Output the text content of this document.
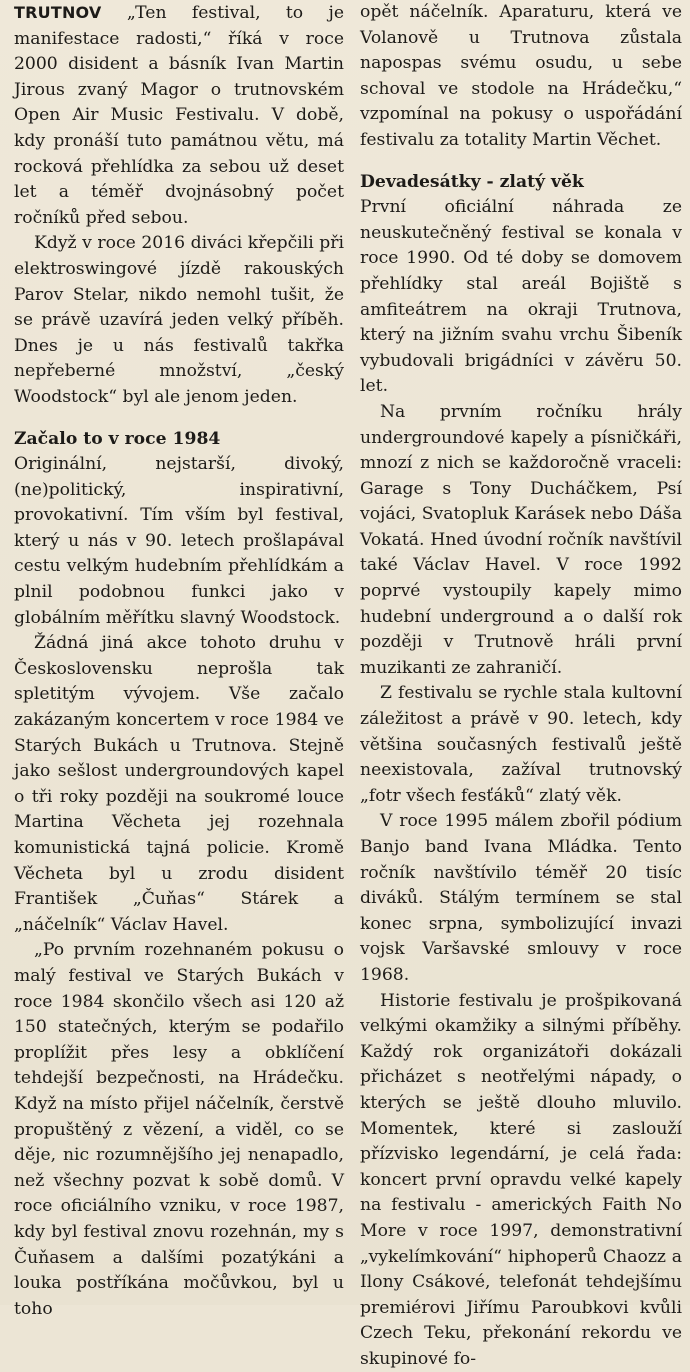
TRUTNOV „Ten festival, to je manifestace radosti,“ říká v roce 2000 disident a básník Ivan Martin Jirous zvaný Magor o trutnovském Open Air Music Festivalu. V době, kdy pronáší tuto památnou větu, má rocková přehlídka za sebou už deset let a téměř dvojnásobný počet ročníků před sebou.

Když v roce 2016 diváci křepčili při elektroswingové jízdě rakouských Parov Stelar, nikdo nemohl tušit, že se právě uzavírá jeden velký příběh. Dnes je u nás festivalů takřka nepřeberné množství, „český Woodstock“ byl ale jenom jeden.

Začalo to v roce 1984

Originální, nejstarší, divoký, (ne)politický, inspirativní, provokativní. Tím vším byl festival, který u nás v 90. letech prošlapával cestu velkým hudebním přehlídkám a plnil podobnou funkci jako v globálním měřítku slavný Woodstock.

Žádná jiná akce tohoto druhu v Československu neprošla tak spletitým vývojem. Vše začalo zakázaným koncertem v roce 1984 ve Starých Bukách u Trutnova. Stejně jako sešlost undergroundových kapel o tři roky později na soukromé louce Martina Věcheta jej rozehnala komunistická tajná policie. Kromě Věcheta byl u zrodu disident František „Čuňas“ Stárek a „náčelník“ Václav Havel.

„Po prvním rozehnaném pokusu o malý festival ve Starých Bukách v roce 1984 skončilo všech asi 120 až 150 statečných, kterým se podařilo proplížit přes lesy a obklíčení tehdejší bezpečnosti, na Hrádečku. Když na místo přijel náčelník, čerstvě propuštěný z vězení, a viděl, co se děje, nic rozumnějšího jej nenapadlo, než všechny pozvat k sobě domů. V roce oficiálního vzniku, v roce 1987, kdy byl festival znovu rozehnán, my s Čuňasem a dalšími pozatýkáni a louka postříkána močůvkou, byl u toho

opět náčelník. Aparaturu, která ve Volanově u Trutnova zůstala napospas svému osudu, u sebe schoval ve stodole na Hrádečku,“ vzpomínal na pokusy o uspořádání festivalu za totality Martin Věchet.

Devadesátky - zlatý věk

První oficiální náhrada ze neuskutečněný festival se konala v roce 1990. Od té doby se domovem přehlídky stal areál Bojiště s amfiteátrem na okraji Trutnova, který na jižním svahu vrchu Šibeník vybudovali brigádníci v závěru 50. let.

Na prvním ročníku hrály undergroundové kapely a písničkáři, mnozí z nich se každoročně vraceli: Garage s Tony Ducháčkem, Psí vojáci, Svatopluk Karásek nebo Dáša Vokatá. Hned úvodní ročník navštívil také Václav Havel. V roce 1992 poprvé vystoupily kapely mimo hudební underground a o další rok později v Trutnově hráli první muzikanti ze zahraničí.

Z festivalu se rychle stala kultovní záležitost a právě v 90. letech, kdy většina současných festivalů ještě neexistovala, zažíval trutnovský „fotr všech fesťáků“ zlatý věk.

V roce 1995 málem zbořil pódium Banjo band Ivana Mládka. Tento ročník navštívilo téměř 20 tisíc diváků. Stálým termínem se stal konec srpna, symbolizující invazi vojsk Varšavské smlouvy v roce 1968.

Historie festivalu je prošpikovaná velkými okamžiky a silnými příběhy. Každý rok organizátoři dokázali přicházet s neotřelými nápady, o kterých se ještě dlouho mluvilo. Momentek, které si zaslouží přízvisko legendární, je celá řada: koncert první opravdu velké kapely na festivalu - amerických Faith No More v roce 1997, demonstrativní „vykelímkování“ hiphoperů Chaozz a Ilony Csákové, telefonát tehdejšímu premiérovi Jiřímu Paroubkovi kvůli Czech Teku, překonání rekordu ve skupinové fo-
